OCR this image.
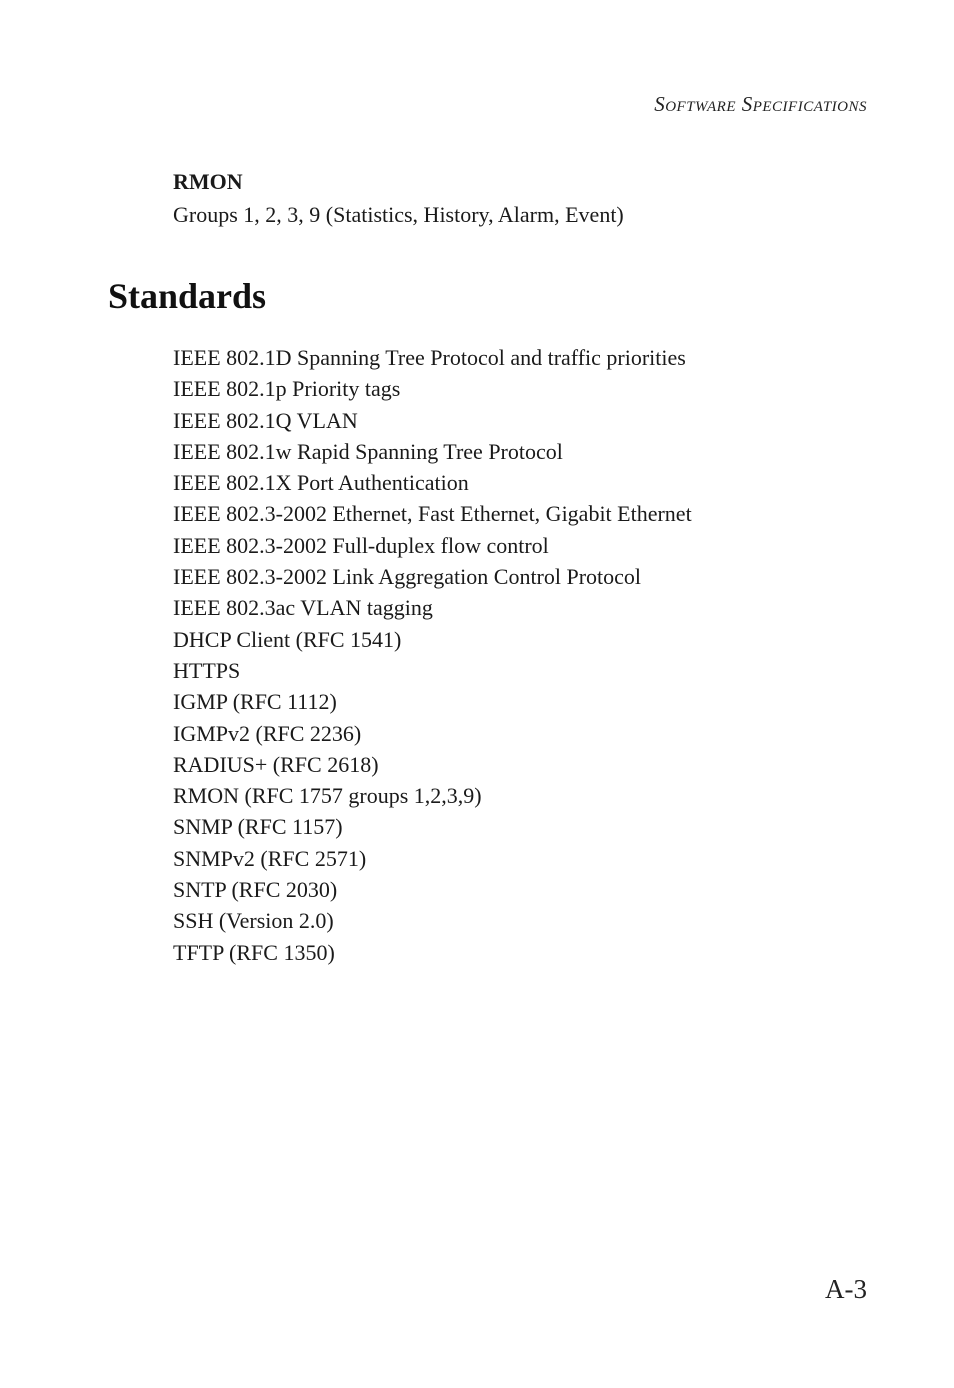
Software Specifications
RMON
Groups 1, 2, 3, 9 (Statistics, History, Alarm, Event)
Standards
IEEE 802.1D Spanning Tree Protocol and traffic priorities
IEEE 802.1p Priority tags
IEEE 802.1Q VLAN
IEEE 802.1w Rapid Spanning Tree Protocol
IEEE 802.1X Port Authentication
IEEE 802.3-2002 Ethernet, Fast Ethernet, Gigabit Ethernet
IEEE 802.3-2002 Full-duplex flow control
IEEE 802.3-2002 Link Aggregation Control Protocol
IEEE 802.3ac VLAN tagging
DHCP Client (RFC 1541)
HTTPS
IGMP (RFC 1112)
IGMPv2 (RFC 2236)
RADIUS+ (RFC 2618)
RMON (RFC 1757 groups 1,2,3,9)
SNMP (RFC 1157)
SNMPv2 (RFC 2571)
SNTP (RFC 2030)
SSH (Version 2.0)
TFTP (RFC 1350)
A-3
